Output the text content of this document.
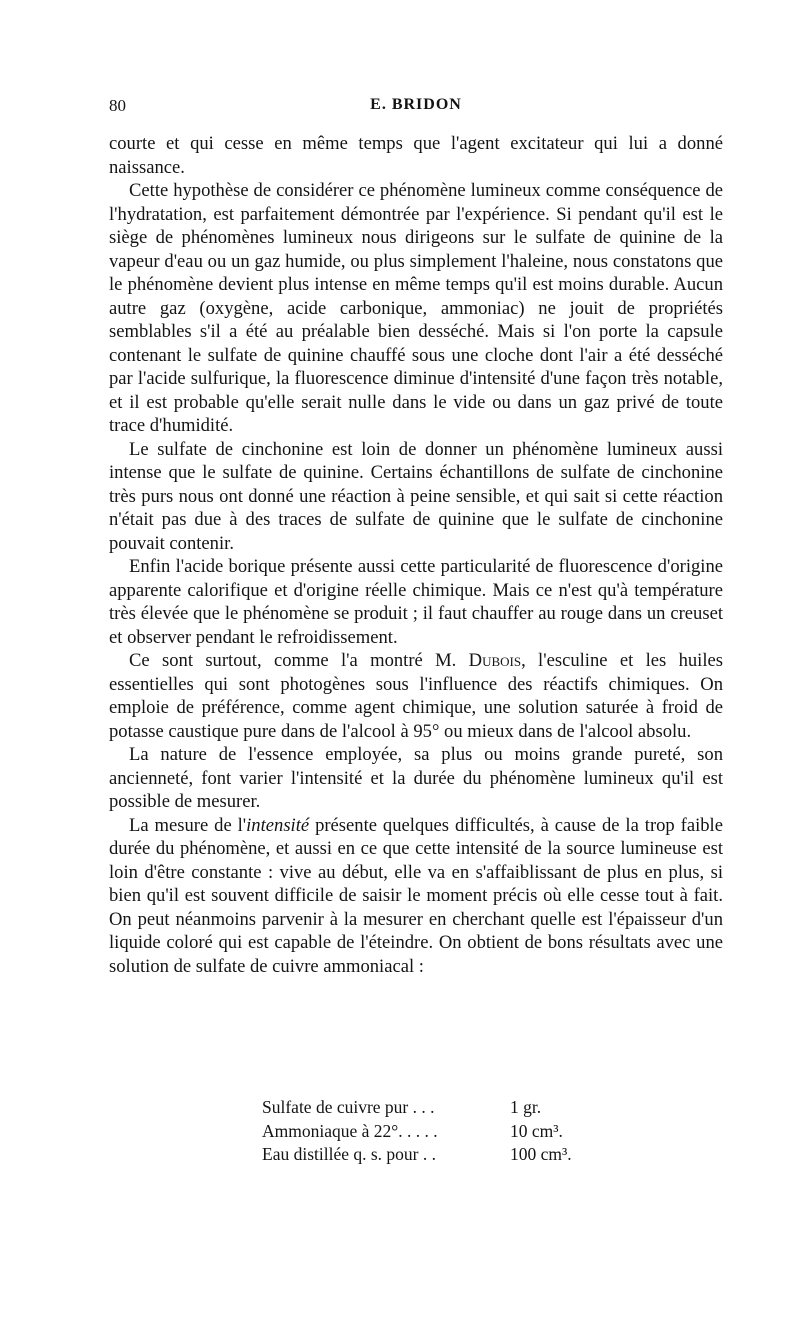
80	E. BRIDON

courte et qui cesse en même temps que l'agent excitateur qui lui a donné naissance.

Cette hypothèse de considérer ce phénomène lumineux comme conséquence de l'hydratation, est parfaitement démontrée par l'expérience. Si pendant qu'il est le siège de phénomènes lumineux nous dirigeons sur le sulfate de quinine de la vapeur d'eau ou un gaz humide, ou plus simplement l'haleine, nous constatons que le phénomène devient plus intense en même temps qu'il est moins durable. Aucun autre gaz (oxygène, acide carbonique, ammoniac) ne jouit de propriétés semblables s'il a été au préalable bien desséché. Mais si l'on porte la capsule contenant le sulfate de quinine chauffé sous une cloche dont l'air a été desséché par l'acide sulfurique, la fluorescence diminue d'intensité d'une façon très notable, et il est probable qu'elle serait nulle dans le vide ou dans un gaz privé de toute trace d'humidité.

Le sulfate de cinchonine est loin de donner un phénomène lumineux aussi intense que le sulfate de quinine. Certains échantillons de sulfate de cinchonine très purs nous ont donné une réaction à peine sensible, et qui sait si cette réaction n'était pas due à des traces de sulfate de quinine que le sulfate de cinchonine pouvait contenir.

Enfin l'acide borique présente aussi cette particularité de fluorescence d'origine apparente calorifique et d'origine réelle chimique. Mais ce n'est qu'à température très élevée que le phénomène se produit ; il faut chauffer au rouge dans un creuset et observer pendant le refroidissement.

Ce sont surtout, comme l'a montré M. Dubois, l'esculine et les huiles essentielles qui sont photogènes sous l'influence des réactifs chimiques. On emploie de préférence, comme agent chimique, une solution saturée à froid de potasse caustique pure dans de l'alcool à 95° ou mieux dans de l'alcool absolu.

La nature de l'essence employée, sa plus ou moins grande pureté, son ancienneté, font varier l'intensité et la durée du phénomène lumineux qu'il est possible de mesurer.

La mesure de l'intensité présente quelques difficultés, à cause de la trop faible durée du phénomène, et aussi en ce que cette intensité de la source lumineuse est loin d'être constante : vive au début, elle va en s'affaiblissant de plus en plus, si bien qu'il est souvent difficile de saisir le moment précis où elle cesse tout à fait. On peut néanmoins parvenir à la mesurer en cherchant quelle est l'épaisseur d'un liquide coloré qui est capable de l'éteindre. On obtient de bons résultats avec une solution de sulfate de cuivre ammoniacal :

Sulfate de cuivre pur . . .	1 gr.
Ammoniaque à 22°. . . . .	10 cm³.
Eau distillée q. s. pour . .	100 cm³.
